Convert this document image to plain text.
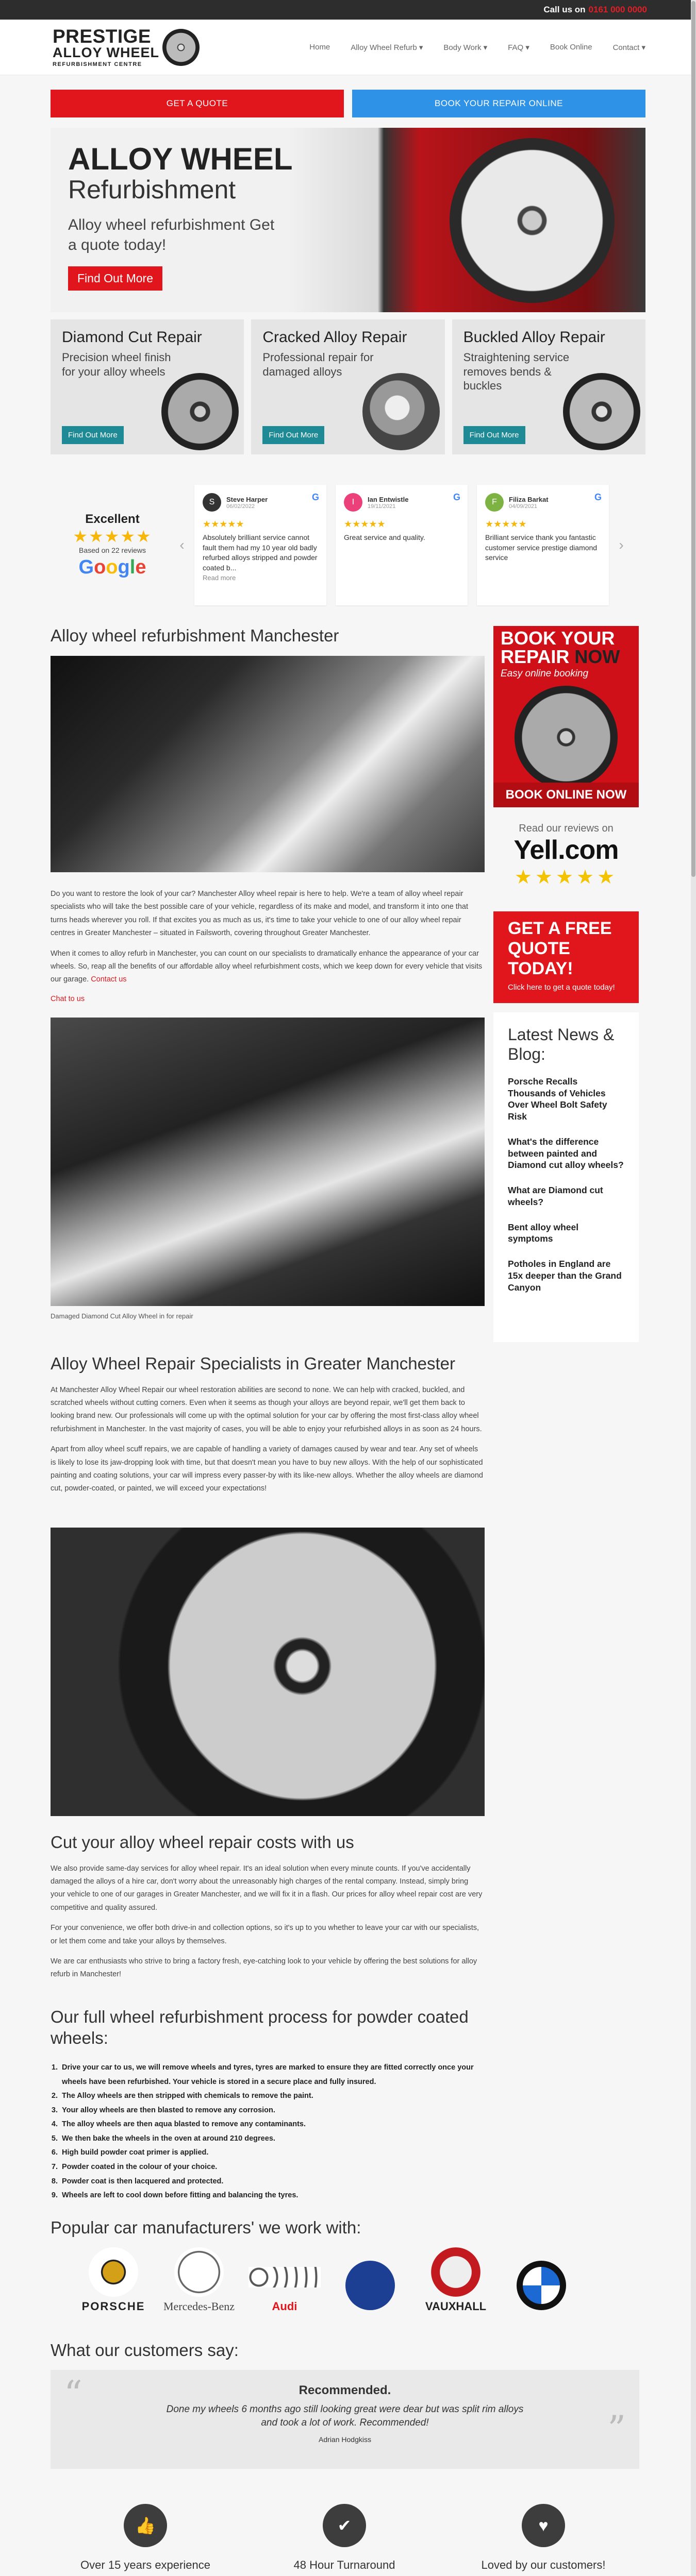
Call us on 0161 000 0000
PRESTIGE
ALLOY WHEEL
REFURBISHMENT CENTRE
Home	Alloy Wheel Refurb ▾	Body Work ▾	FAQ ▾	Book Online	Contact ▾
GET A QUOTE	BOOK YOUR REPAIR ONLINE
ALLOY WHEEL
Refurbishment
Alloy wheel refurbishment Get a quote today!
Find Out More
Diamond Cut Repair

Precision wheel finish for your alloy wheels

Find Out More
Cracked Alloy Repair

Professional repair for damaged alloys

Find Out More
Buckled Alloy Repair

Straightening service removes bends & buckles

Find Out More
Excellent
★★★★★
Based on 22 reviews
Google
‹
S	Steve Harper
06/02/2022
G
★★★★★
Absolutely brilliant service cannot fault them had my 10 year old badly refurbed alloys stripped and powder coated b...
Read more
I	Ian Entwistle
19/11/2021
G
★★★★★
Great service and quality.
F	Filiza Barkat
04/09/2021
G
★★★★★
Brilliant service thank you fantastic customer service prestige diamond service
›
Alloy wheel refurbishment Manchester

Do you want to restore the look of your car? Manchester Alloy wheel repair is here to help. We're a team of alloy wheel repair specialists who will take the best possible care of your vehicle, regardless of its make and model, and transform it into one that turns heads wherever you roll. If that excites you as much as us, it's time to take your vehicle to one of our alloy wheel repair centres in Greater Manchester – situated in Failsworth, covering throughout Greater Manchester.

When it comes to alloy refurb in Manchester, you can count on our specialists to dramatically enhance the appearance of your car wheels. So, reap all the benefits of our affordable alloy wheel refurbishment costs, which we keep down for every vehicle that visits our garage. Contact us

Chat to us
Damaged Diamond Cut Alloy Wheel in for repair
Alloy Wheel Repair Specialists in Greater Manchester

At Manchester Alloy Wheel Repair our wheel restoration abilities are second to none. We can help with cracked, buckled, and scratched wheels without cutting corners. Even when it seems as though your alloys are beyond repair, we'll get them back to looking brand new. Our professionals will come up with the optimal solution for your car by offering the most first-class alloy wheel refurbishment in Manchester. In the vast majority of cases, you will be able to enjoy your refurbished alloys in as soon as 24 hours.

Apart from alloy wheel scuff repairs, we are capable of handling a variety of damages caused by wear and tear. Any set of wheels is likely to lose its jaw-dropping look with time, but that doesn't mean you have to buy new alloys. With the help of our sophisticated painting and coating solutions, your car will impress every passer-by with its like-new alloys. Whether the alloy wheels are diamond cut, powder-coated, or painted, we will exceed your expectations!

Cut your alloy wheel repair costs with us

We also provide same-day services for alloy wheel repair. It's an ideal solution when every minute counts. If you've accidentally damaged the alloys of a hire car, don't worry about the unreasonably high charges of the rental company. Instead, simply bring your vehicle to one of our garages in Greater Manchester, and we will fix it in a flash. Our prices for alloy wheel repair cost are very competitive and quality assured.

For your convenience, we offer both drive-in and collection options, so it's up to you whether to leave your car with our specialists, or let them come and take your alloys by themselves.

We are car enthusiasts who strive to bring a factory fresh, eye-catching look to your vehicle by offering the best solutions for alloy refurb in Manchester!

Our full wheel refurbishment process for powder coated wheels:
1. Drive your car to us, we will remove wheels and tyres, tyres are marked to ensure they are fitted correctly once your wheels have been refurbished. Your vehicle is stored in a secure place and fully insured.
2. The Alloy wheels are then stripped with chemicals to remove the paint.
3. Your alloy wheels are then blasted to remove any corrosion.
4. The alloy wheels are then aqua blasted to remove any contaminants.
5. We then bake the wheels in the oven at around 210 degrees.
6. High build powder coat primer is applied.
7. Powder coated in the colour of your choice.
8. Powder coat is then lacquered and protected.
9. Wheels are left to cool down before fitting and balancing the tyres.
BOOK YOUR
REPAIR NOW
Easy online booking
BOOK ONLINE NOW
Read our reviews on
Yell.com
★★★★★
GET A FREE QUOTE TODAY!
Click here to get a quote today!
Latest News & Blog:
Porsche Recalls Thousands of Vehicles Over Wheel Bolt Safety Risk
What's the difference between painted and Diamond cut alloy wheels?
What are Diamond cut wheels?
Bent alloy wheel symptoms
Potholes in England are 15x deeper than the Grand Canyon
Popular car manufacturers' we work with:
PORSCHE Mercedes-Benz	Audi	VAUXHALL
What our customers say:
“
”
Recommended.
Done my wheels 6 months ago still looking great were dear but was split rim alloys and took a lot of work. Recommended!
Adrian Hodgkiss
👍
Over 15 years experience
✔
48 Hour Turnaround
♥
Loved by our customers!
